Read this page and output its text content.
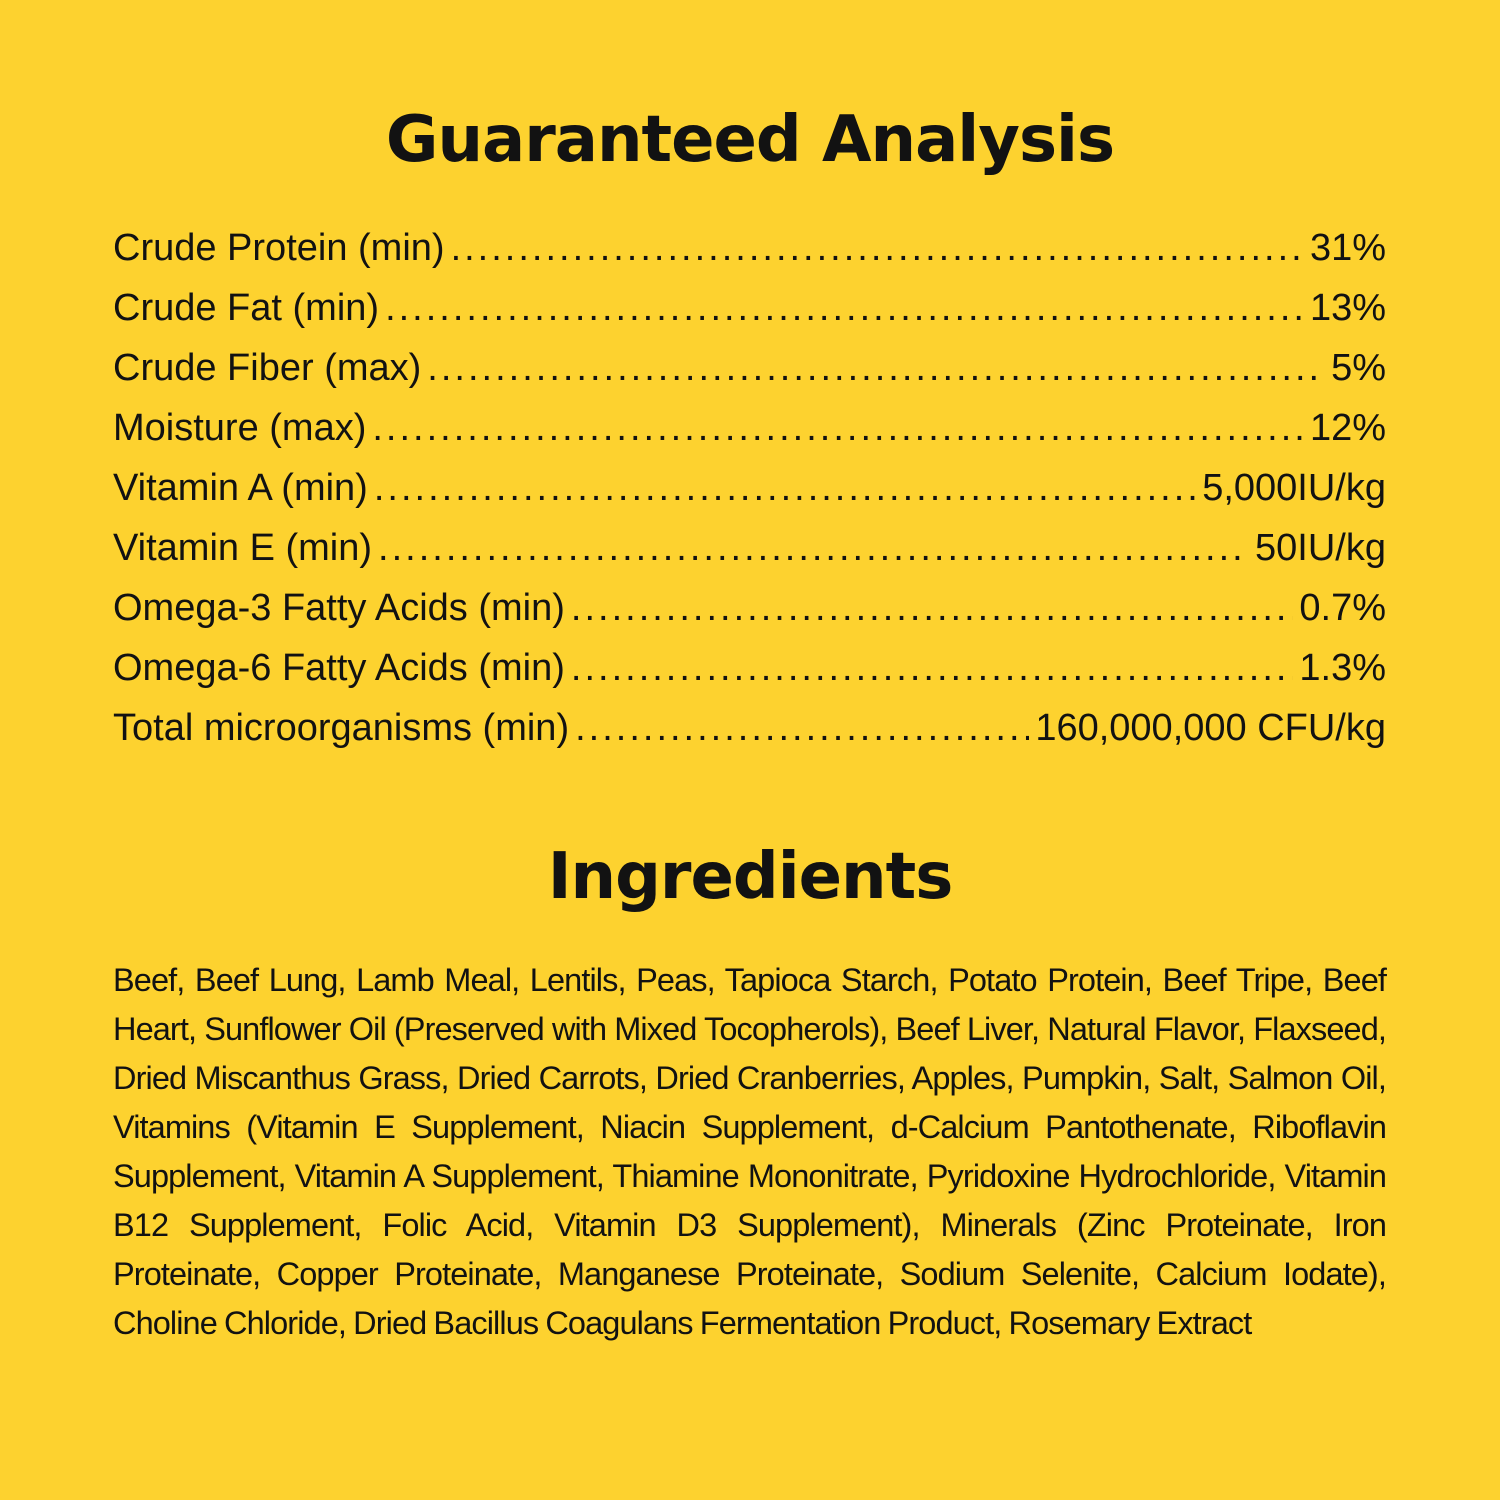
Guaranteed Analysis
Crude Protein (min) .....	31%
Crude Fat (min) .....	13%
Crude Fiber (max) .....	5%
Moisture (max) .....	12%
Vitamin A (min) .....	5,000IU/kg
Vitamin E (min) .....	50IU/kg
Omega-3 Fatty Acids (min) .....	0.7%
Omega-6 Fatty Acids (min) .....	1.3%
Total microorganisms (min) .....	160,000,000 CFU/kg
Ingredients

Beef, Beef Lung, Lamb Meal, Lentils, Peas, Tapioca Starch, Potato Protein, Beef Tripe, Beef Heart, Sunflower Oil (Preserved with Mixed Tocopherols), Beef Liver, Natural Flavor, Flaxseed, Dried Miscanthus Grass, Dried Carrots, Dried Cranberries, Apples, Pumpkin, Salt, Salmon Oil, Vitamins (Vitamin E Supplement, Niacin Supplement, d-Calcium Pantothenate, Riboflavin Supplement, Vitamin A Supplement, Thiamine Mononitrate, Pyridoxine Hydrochloride, Vitamin B12 Supplement, Folic Acid, Vitamin D3 Supplement), Minerals (Zinc Proteinate, Iron Proteinate, Copper Proteinate, Manganese Proteinate, Sodium Selenite, Calcium Iodate), Choline Chloride, Dried Bacillus Coagulans Fermentation Product, Rosemary Extract
